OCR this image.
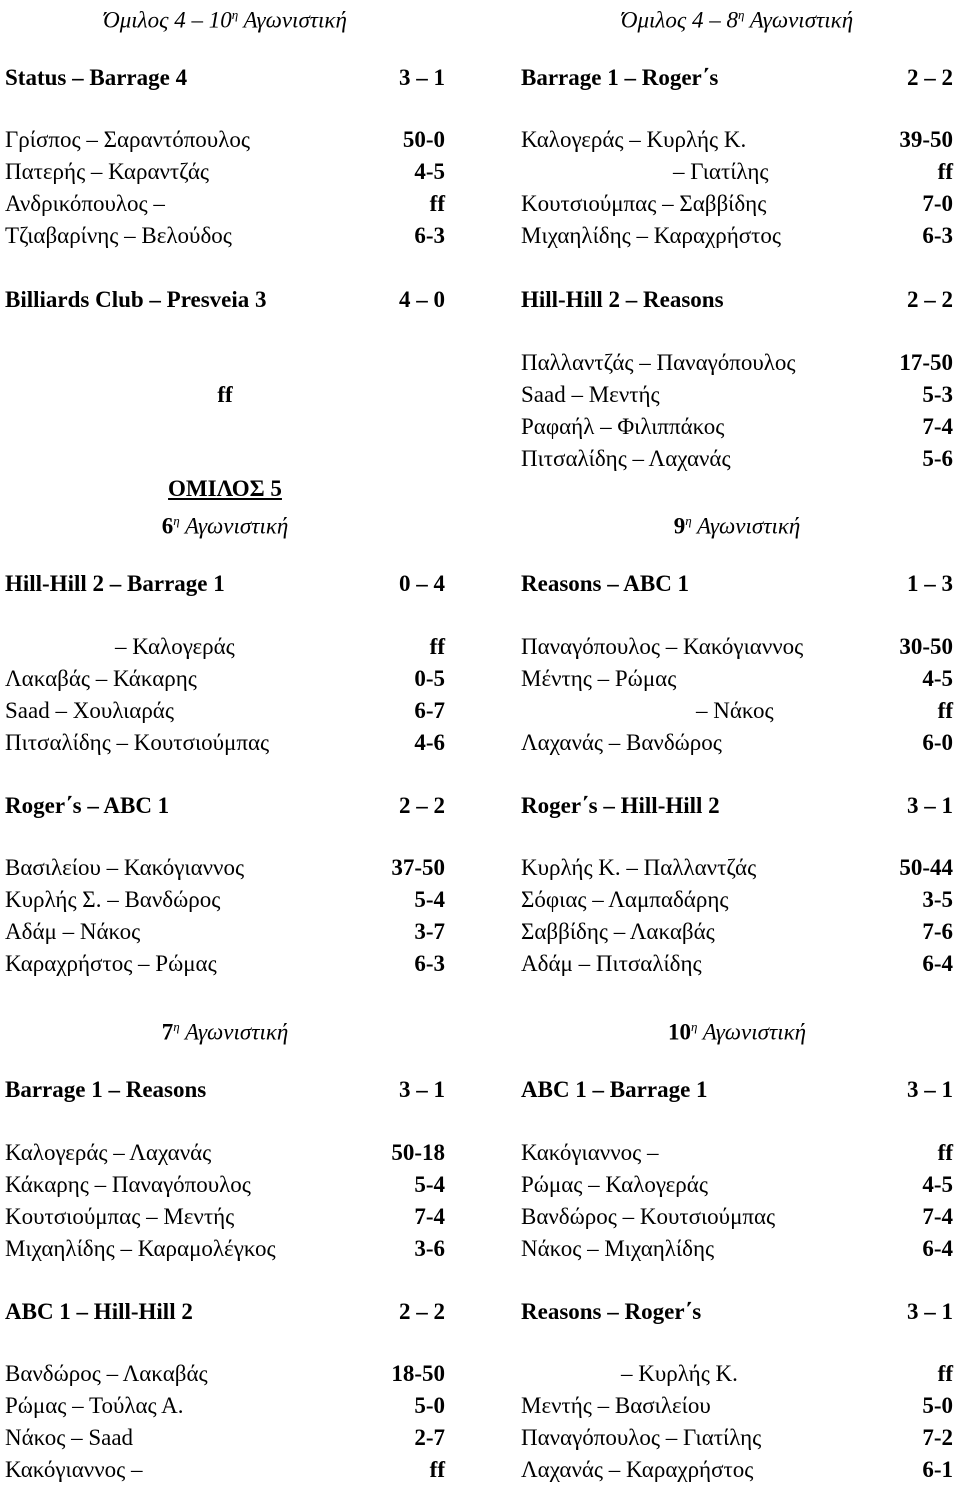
Όμιλος $4 - 10^\eta$ Αγωνιστική
Status – Barrage 4	3 – 1
Γρίσπος – Σαραντόπουλος	50-0
Πατερής – Καραντζάς	4-5
Ανδρικόπουλος –	ff
Τζιαβαρίνης – Βελούδος	6-3
Billiards Club – Presveia 3	4 – 0
ff
ΟΜΙΛΟΣ 5
$6^\eta$ Αγωνιστική
Hill-Hill 2 – Barrage 1	0 – 4
– Καλογεράς	ff
Λακαβάς – Κάκαρης	0-5
Saad – Χουλιαράς	6-7
Πιτσαλίδης – Κουτσιούμπας	4-6
Roger΄s – ABC 1	2 – 2
Βασιλείου – Κακόγιαννος	37-50
Κυρλής Σ. – Βανδώρος	5-4
Αδάμ – Νάκος	3-7
Καραχρήστος – Ρώμας	6-3
$7^\eta$ Αγωνιστική
Barrage 1 – Reasons	3 – 1
Καλογεράς – Λαχανάς	50-18
Κάκαρης – Παναγόπουλος	5-4
Κουτσιούμπας – Μεντής	7-4
Μιχαηλίδης – Καραμολέγκος	3-6
ABC 1 – Hill-Hill 2	2 – 2
Βανδώρος – Λακαβάς	18-50
Ρώμας – Τούλας Α.	5-0
Νάκος – Saad	2-7
Κακόγιαννος –	ff
Όμιλος $4 - 8^\eta$ Αγωνιστική
Barrage 1 – Roger΄s	2 – 2
Καλογεράς – Κυρλής Κ.	39-50
– Γιατίλης	ff
Κουτσιούμπας – Σαββίδης	7-0
Μιχαηλίδης – Καραχρήστος	6-3
Hill-Hill 2 – Reasons	2 – 2
Παλλαντζάς – Παναγόπουλος	17-50
Saad – Μεντής	5-3
Ραφαήλ – Φιλιππάκος	7-4
Πιτσαλίδης – Λαχανάς	5-6
$9^\eta$ Αγωνιστική
Reasons – ABC 1	1 – 3
Παναγόπουλος – Κακόγιαννος	30-50
Μέντης – Ρώμας	4-5
– Νάκος	ff
Λαχανάς – Βανδώρος	6-0
Roger΄s – Hill-Hill 2	3 – 1
Κυρλής Κ. – Παλλαντζάς	50-44
Σόφιας – Λαμπαδάρης	3-5
Σαββίδης – Λακαβάς	7-6
Αδάμ – Πιτσαλίδης	6-4
$10^\eta$ Αγωνιστική
ABC 1 – Barrage 1	3 – 1
Κακόγιαννος –	ff
Ρώμας – Καλογεράς	4-5
Βανδώρος – Κουτσιούμπας	7-4
Νάκος – Μιχαηλίδης	6-4
Reasons – Roger΄s	3 – 1
– Κυρλής Κ.	ff
Μεντής – Βασιλείου	5-0
Παναγόπουλος – Γιατίλης	7-2
Λαχανάς – Καραχρήστος	6-1
